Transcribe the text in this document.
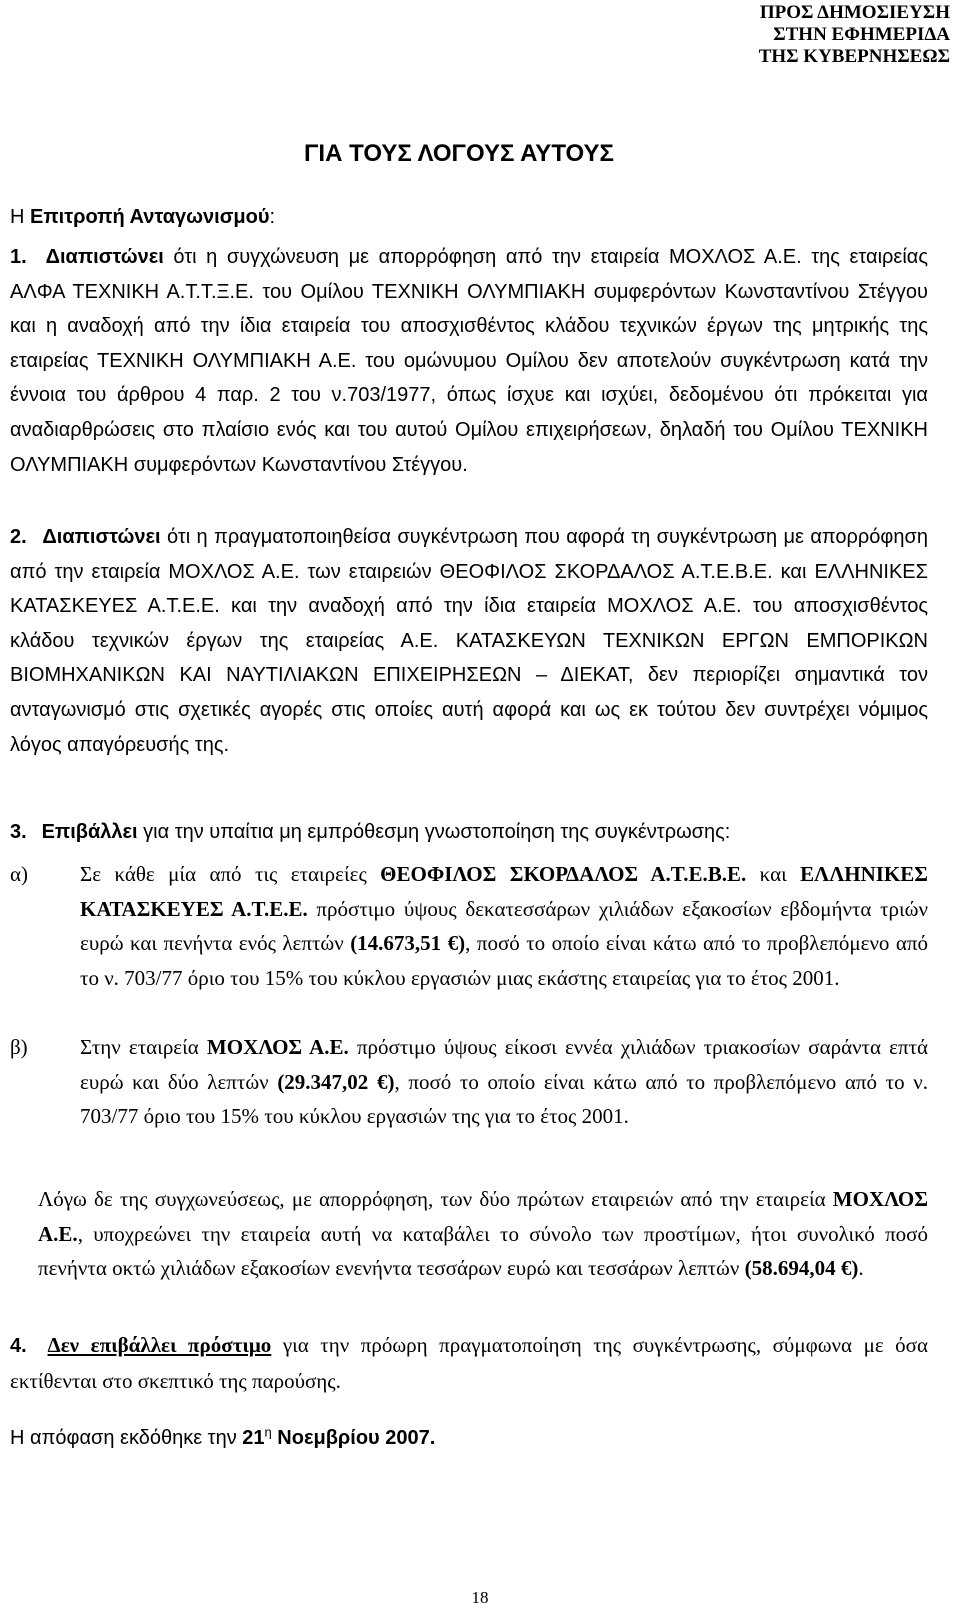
ΠΡΟΣ ΔΗΜΟΣΙΕΥΣΗ
ΣΤΗΝ ΕΦΗΜΕΡΙΔΑ
ΤΗΣ ΚΥΒΕΡΝΗΣΕΩΣ
ΓΙΑ ΤΟΥΣ ΛΟΓΟΥΣ ΑΥΤΟΥΣ
Η Επιτροπή Ανταγωνισμού:
1. Διαπιστώνει ότι η συγχώνευση με απορρόφηση από την εταιρεία ΜΟΧΛΟΣ Α.Ε. της εταιρείας ΑΛΦΑ ΤΕΧΝΙΚΗ Α.Τ.Τ.Ξ.Ε. του Ομίλου ΤΕΧΝΙΚΗ ΟΛΥΜΠΙΑΚΗ συμφερόντων Κωνσταντίνου Στέγγου και η αναδοχή από την ίδια εταιρεία του αποσχισθέντος κλάδου τεχνικών έργων της μητρικής της εταιρείας ΤΕΧΝΙΚΗ ΟΛΥΜΠΙΑΚΗ Α.Ε. του ομώνυμου Ομίλου δεν αποτελούν συγκέντρωση κατά την έννοια του άρθρου 4 παρ. 2 του ν.703/1977, όπως ίσχυε και ισχύει, δεδομένου ότι πρόκειται για αναδιαρθρώσεις στο πλαίσιο ενός και του αυτού Ομίλου επιχειρήσεων, δηλαδή του Ομίλου ΤΕΧΝΙΚΗ ΟΛΥΜΠΙΑΚΗ συμφερόντων Κωνσταντίνου Στέγγου.
2. Διαπιστώνει ότι η πραγματοποιηθείσα συγκέντρωση που αφορά τη συγκέντρωση με απορρόφηση από την εταιρεία ΜΟΧΛΟΣ Α.Ε. των εταιρειών ΘΕΟΦΙΛΟΣ ΣΚΟΡΔΑΛΟΣ Α.Τ.Ε.Β.Ε. και ΕΛΛΗΝΙΚΕΣ ΚΑΤΑΣΚΕΥΕΣ Α.Τ.Ε.Ε. και την αναδοχή από την ίδια εταιρεία ΜΟΧΛΟΣ Α.Ε. του αποσχισθέντος κλάδου τεχνικών έργων της εταιρείας Α.Ε. ΚΑΤΑΣΚΕΥΩΝ ΤΕΧΝΙΚΩΝ ΕΡΓΩΝ ΕΜΠΟΡΙΚΩΝ ΒΙΟΜΗΧΑΝΙΚΩΝ ΚΑΙ ΝΑΥΤΙΛΙΑΚΩΝ ΕΠΙΧΕΙΡΗΣΕΩΝ – ΔΙΕΚΑΤ, δεν περιορίζει σημαντικά τον ανταγωνισμό στις σχετικές αγορές στις οποίες αυτή αφορά και ως εκ τούτου δεν συντρέχει νόμιμος λόγος απαγόρευσής της.
3. Επιβάλλει για την υπαίτια μη εμπρόθεσμη γνωστοποίηση της συγκέντρωσης:
α) Σε κάθε μία από τις εταιρείες ΘΕΟΦΙΛΟΣ ΣΚΟΡΔΑΛΟΣ Α.Τ.Ε.Β.Ε. και ΕΛΛΗΝΙΚΕΣ ΚΑΤΑΣΚΕΥΕΣ Α.Τ.Ε.Ε. πρόστιμο ύψους δεκατεσσάρων χιλιάδων εξακοσίων εβδομήντα τριών ευρώ και πενήντα ενός λεπτών (14.673,51 €), ποσό το οποίο είναι κάτω από το προβλεπόμενο από το ν. 703/77 όριο του 15% του κύκλου εργασιών μιας εκάστης εταιρείας για το έτος 2001.
β) Στην εταιρεία ΜΟΧΛΟΣ Α.Ε. πρόστιμο ύψους είκοσι εννέα χιλιάδων τριακοσίων σαράντα επτά ευρώ και δύο λεπτών (29.347,02 €), ποσό το οποίο είναι κάτω από το προβλεπόμενο από το ν. 703/77 όριο του 15% του κύκλου εργασιών της για το έτος 2001.
Λόγω δε της συγχωνεύσεως, με απορρόφηση, των δύο πρώτων εταιρειών από την εταιρεία ΜΟΧΛΟΣ Α.Ε., υποχρεώνει την εταιρεία αυτή να καταβάλει το σύνολο των προστίμων, ήτοι συνολικό ποσό πενήντα οκτώ χιλιάδων εξακοσίων ενενήντα τεσσάρων ευρώ και τεσσάρων λεπτών (58.694,04 €).
4. Δεν επιβάλλει πρόστιμο για την πρόωρη πραγματοποίηση της συγκέντρωσης, σύμφωνα με όσα εκτίθενται στο σκεπτικό της παρούσης.
Η απόφαση εκδόθηκε την $21^\eta$ Νοεμβρίου 2007.
18
